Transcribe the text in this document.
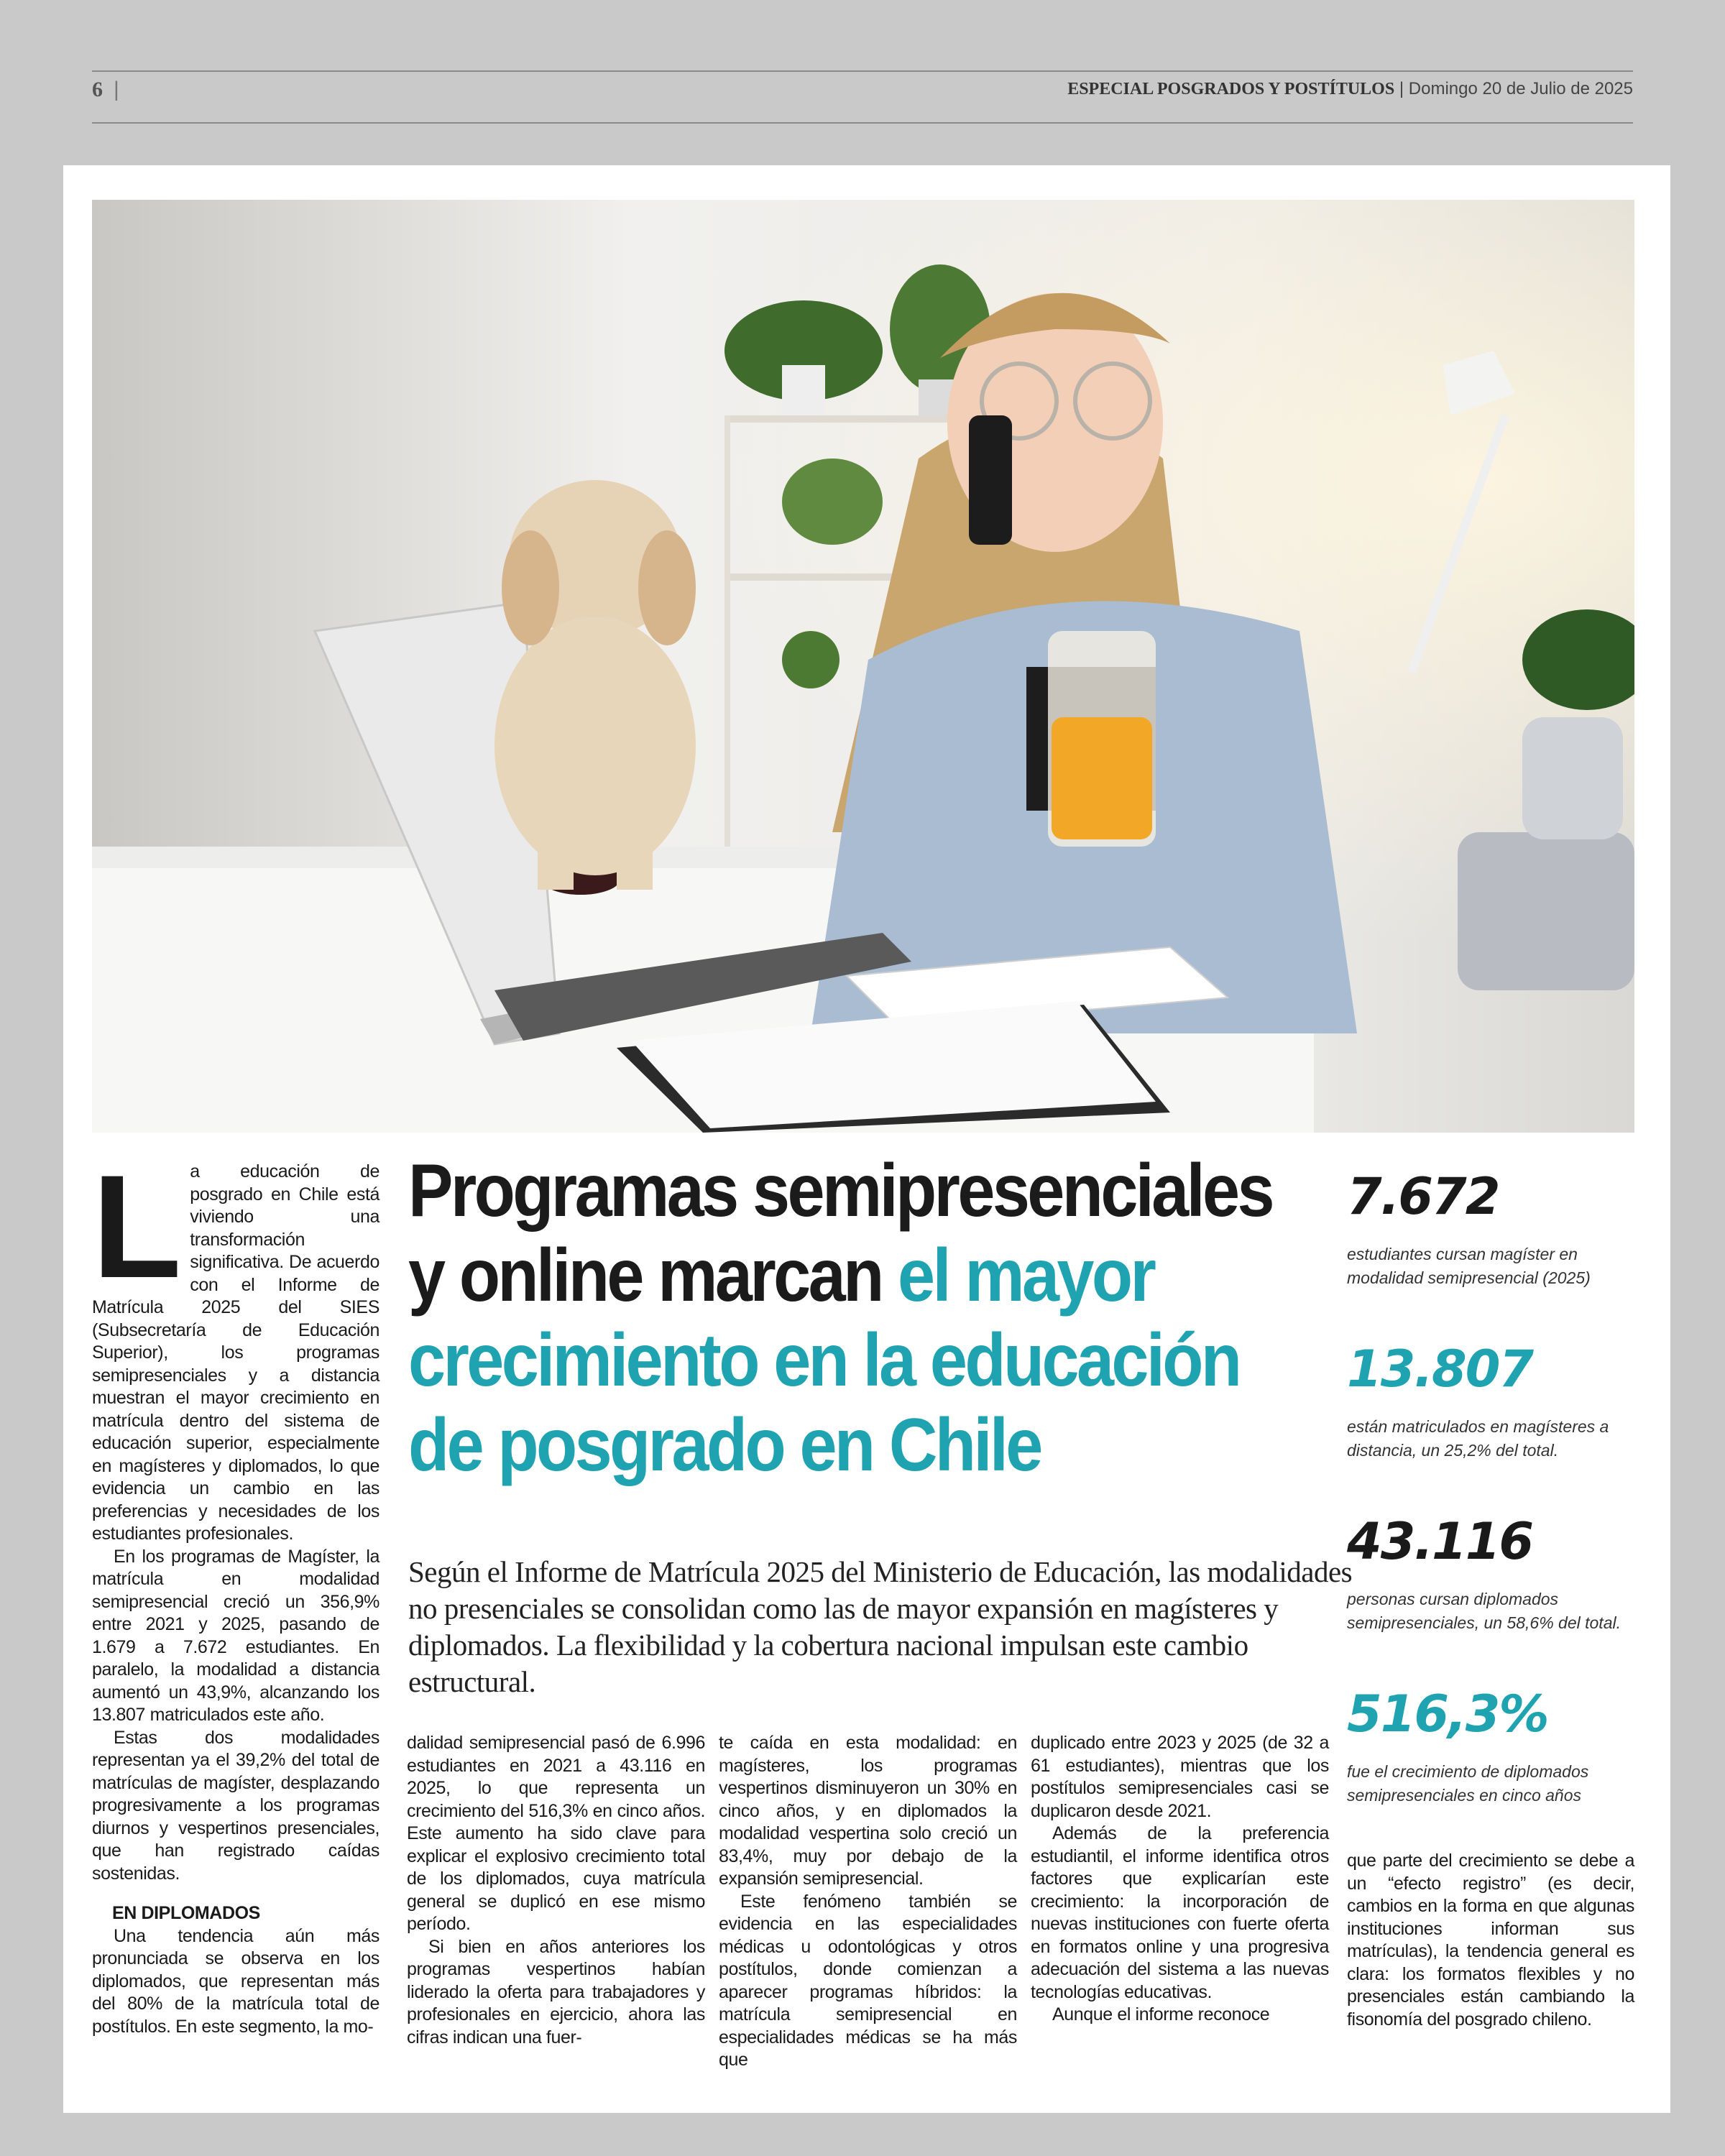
6 |	ESPECIAL POSGRADOS Y POSTÍTULOS | Domingo 20 de Julio de 2025
L a educación de posgrado en Chile está viviendo una transformación significativa. De acuerdo con el Informe de Matrícula 2025 del SIES (Subsecretaría de Educación Superior), los programas semipresenciales y a distancia muestran el mayor crecimiento en matrícula dentro del sistema de educación superior, especialmente en magísteres y diplomados, lo que evidencia un cambio en las preferencias y necesidades de los estudiantes profesionales.

En los programas de Magíster, la matrícula en modalidad semipresencial creció un 356,9% entre 2021 y 2025, pasando de 1.679 a 7.672 estudiantes. En paralelo, la modalidad a distancia aumentó un 43,9%, alcanzando los 13.807 matriculados este año.

Estas dos modalidades representan ya el 39,2% del total de matrículas de magíster, desplazando progresivamente a los programas diurnos y vespertinos presenciales, que han registrado caídas sostenidas.

EN DIPLOMADOS

Una tendencia aún más pronunciada se observa en los diplomados, que representan más del 80% de la matrícula total de postítulos. En este segmento, la mo-

Programas semipresenciales y online marcan el mayor crecimiento en la educación de posgrado en Chile
Según el Informe de Matrícula 2025 del Ministerio de Educación, las modalidades no presenciales se consolidan como las de mayor expansión en magísteres y diplomados. La flexibilidad y la cobertura nacional impulsan este cambio estructural.

dalidad semipresencial pasó de 6.996 estudiantes en 2021 a 43.116 en 2025, lo que representa un crecimiento del 516,3% en cinco años. Este aumento ha sido clave para explicar el explosivo crecimiento total de los diplomados, cuya matrícula general se duplicó en ese mismo período.

Si bien en años anteriores los programas vespertinos habían liderado la oferta para trabajadores y profesionales en ejercicio, ahora las cifras indican una fuer-

te caída en esta modalidad: en magísteres, los programas vespertinos disminuyeron un 30% en cinco años, y en diplomados la modalidad vespertina solo creció un 83,4%, muy por debajo de la expansión semipresencial.

Este fenómeno también se evidencia en las especialidades médicas u odontológicas y otros postítulos, donde comienzan a aparecer programas híbridos: la matrícula semipresencial en especialidades médicas se ha más que

duplicado entre 2023 y 2025 (de 32 a 61 estudiantes), mientras que los postítulos semipresenciales casi se duplicaron desde 2021.

Además de la preferencia estudiantil, el informe identifica otros factores que explicarían este crecimiento: la incorporación de nuevas instituciones con fuerte oferta en formatos online y una progresiva adecuación del sistema a las nuevas tecnologías educativas.

Aunque el informe reconoce

7.672
estudiantes cursan magíster en modalidad semipresencial (2025)
13.807
están matriculados en magísteres a distancia, un 25,2% del total.
43.116
personas cursan diplomados semipresenciales, un 58,6% del total.
516,3%
fue el crecimiento de diplomados semipresenciales en cinco años

que parte del crecimiento se debe a un “efecto registro” (es decir, cambios en la forma en que algunas instituciones informan sus matrículas), la tendencia general es clara: los formatos flexibles y no presenciales están cambiando la fisonomía del posgrado chileno.
